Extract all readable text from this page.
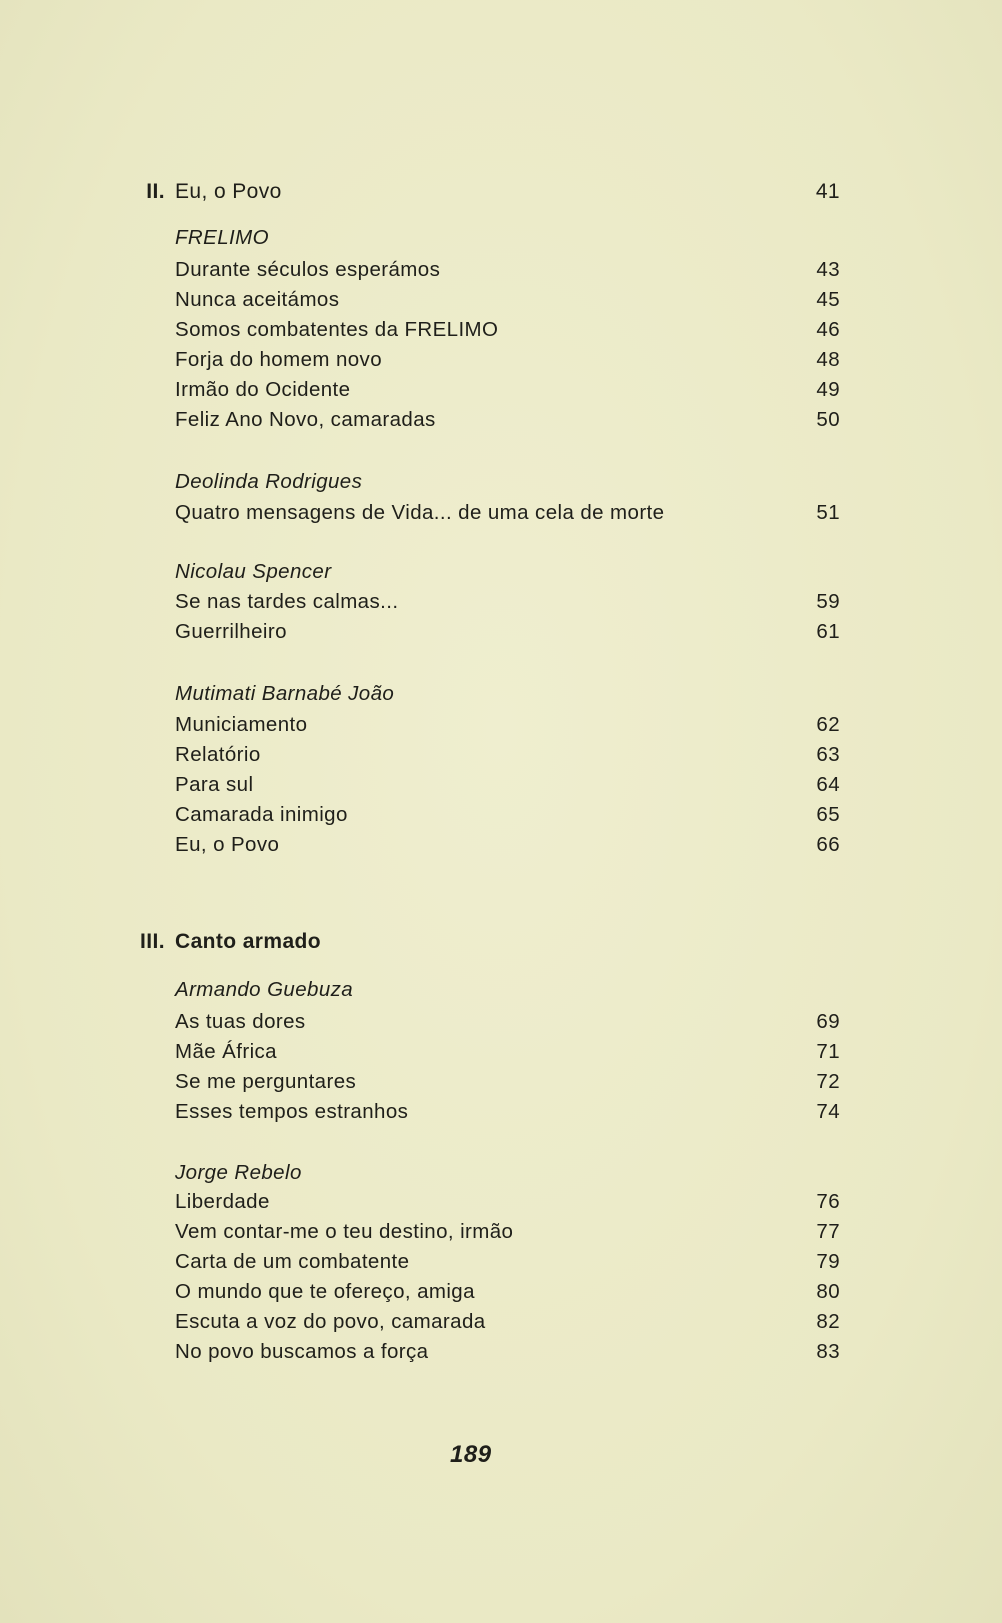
II. Eu, o Povo	41
FRELIMO
Durante séculos esperámos	43
Nunca aceitámos	45
Somos combatentes da FRELIMO	46
Forja do homem novo	48
Irmão do Ocidente	49
Feliz Ano Novo, camaradas	50
Deolinda Rodrigues
Quatro mensagens de Vida... de uma cela de morte	51
Nicolau Spencer
Se nas tardes calmas...	59
Guerrilheiro	61
Mutimati Barnabé João
Municiamento	62
Relatório	63
Para sul	64
Camarada inimigo	65
Eu, o Povo	66
III. Canto armado
Armando Guebuza
As tuas dores	69
Mãe África	71
Se me perguntares	72
Esses tempos estranhos	74
Jorge Rebelo
Liberdade	76
Vem contar-me o teu destino, irmão	77
Carta de um combatente	79
O mundo que te ofereço, amiga	80
Escuta a voz do povo, camarada	82
No povo buscamos a força	83
189
